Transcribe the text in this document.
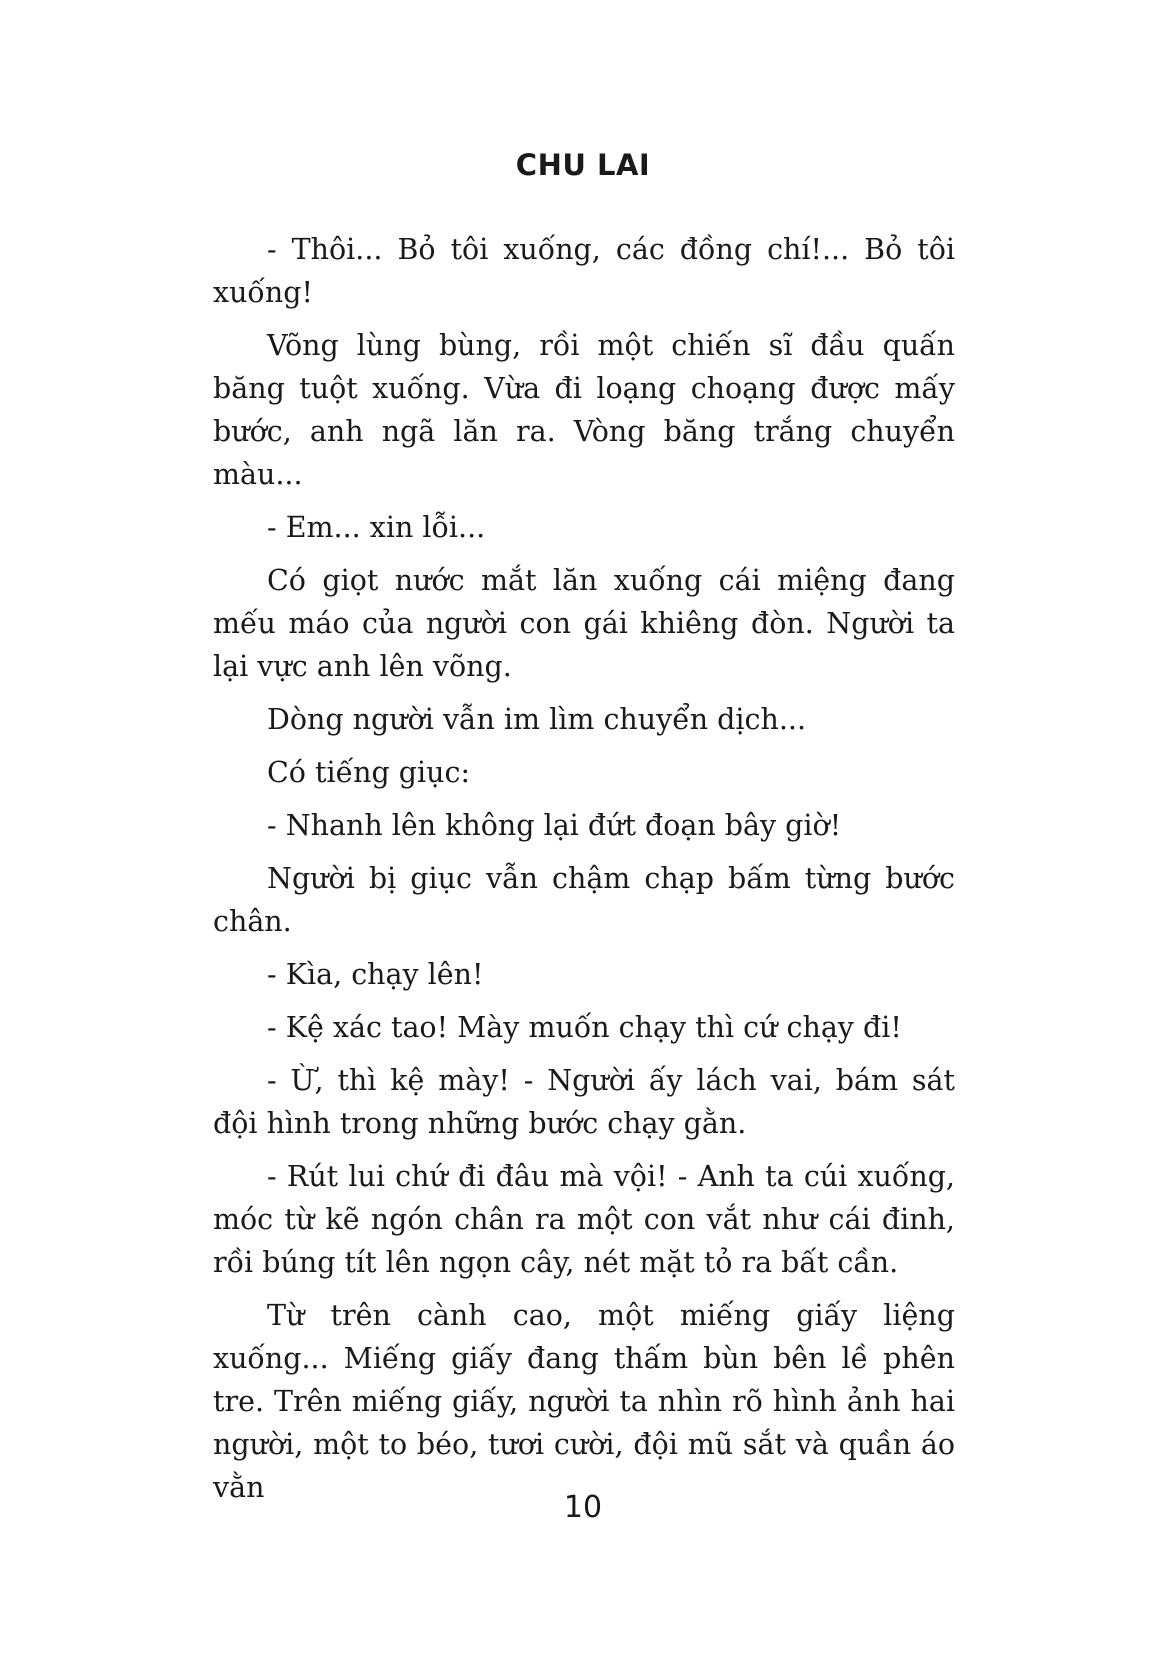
CHU LAI

- Thôi... Bỏ tôi xuống, các đồng chí!... Bỏ tôi xuống!

Võng lùng bùng, rồi một chiến sĩ đầu quấn băng tuột xuống. Vừa đi loạng choạng được mấy bước, anh ngã lăn ra. Vòng băng trắng chuyển màu...

- Em... xin lỗi...

Có giọt nước mắt lăn xuống cái miệng đang mếu máo của người con gái khiêng đòn. Người ta lại vực anh lên võng.

Dòng người vẫn im lìm chuyển dịch...

Có tiếng giục:

- Nhanh lên không lại đứt đoạn bây giờ!

Người bị giục vẫn chậm chạp bấm từng bước chân.

- Kìa, chạy lên!

- Kệ xác tao! Mày muốn chạy thì cứ chạy đi!

- Ừ, thì kệ mày! - Người ấy lách vai, bám sát đội hình trong những bước chạy gằn.

- Rút lui chứ đi đâu mà vội! - Anh ta cúi xuống, móc từ kẽ ngón chân ra một con vắt như cái đinh, rồi búng tít lên ngọn cây, nét mặt tỏ ra bất cần.

Từ trên cành cao, một miếng giấy liệng xuống... Miếng giấy đang thấm bùn bên lề phên tre. Trên miếng giấy, người ta nhìn rõ hình ảnh hai người, một to béo, tươi cười, đội mũ sắt và quần áo vằn

10
